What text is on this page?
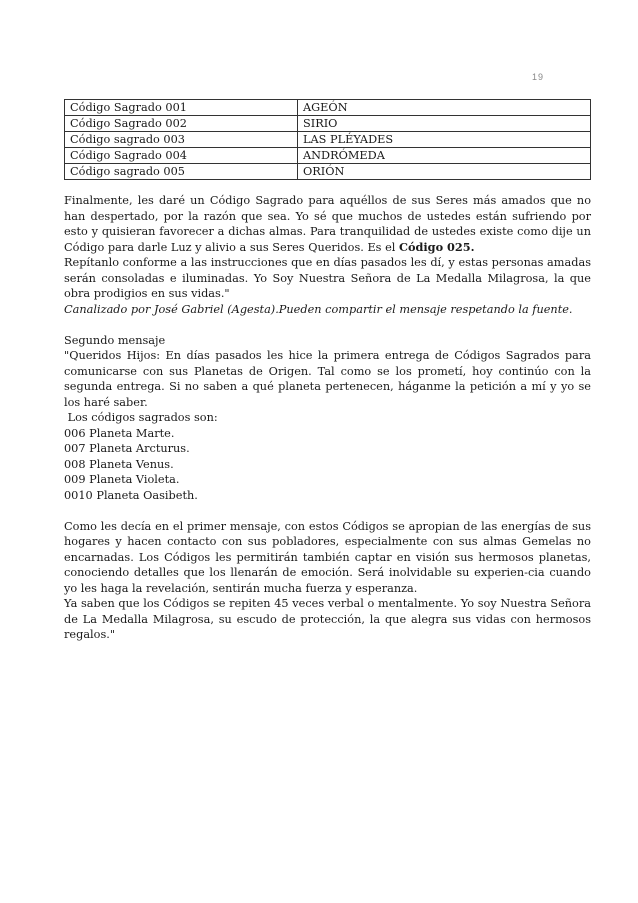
19
Código Sagrado 001	AGEÓN
Código Sagrado 002	SIRIO
Código sagrado 003	LAS PLÉYADES
Código Sagrado 004	ANDRÓMEDA
Código sagrado 005	ORIÓN

Finalmente, les daré un Código Sagrado para aquéllos de sus Seres más amados que no han despertado, por la razón que sea. Yo sé que muchos de ustedes están sufriendo por esto y quisieran favorecer a dichas almas. Para tranquilidad de ustedes existe como dije un Código para darle Luz y alivio a sus Seres Queridos. Es el Código 025.

Repítanlo conforme a las instrucciones que en días pasados les dí, y estas personas amadas serán consoladas e iluminadas. Yo Soy Nuestra Señora de La Medalla Milagrosa, la que obra prodigios en sus vidas."

Canalizado por José Gabriel (Agesta).Pueden compartir el mensaje respetando la fuente.

Segundo mensaje

"Queridos Hijos: En días pasados les hice la primera entrega de Códigos Sagrados para comunicarse con sus Planetas de Origen. Tal como se los prometí, hoy continúo con la segunda entrega. Si no saben a qué planeta pertenecen, háganme la petición a mí y yo se los haré saber.

Los códigos sagrados son:

006 Planeta Marte.

007 Planeta Arcturus.

008 Planeta Venus.

009 Planeta Violeta.

0010 Planeta Oasibeth.

Como les decía en el primer mensaje, con estos Códigos se apropian de las energías de sus hogares y hacen contacto con sus pobladores, especialmente con sus almas Gemelas no encarnadas. Los Códigos les permitirán también captar en visión sus hermosos planetas, conociendo detalles que los llenarán de emoción. Será inolvidable su experien-cia cuando yo les haga la revelación, sentirán mucha fuerza y esperanza.

Ya saben que los Códigos se repiten 45 veces verbal o mentalmente. Yo soy Nuestra Señora de La Medalla Milagrosa, su escudo de protección, la que alegra sus vidas con hermosos regalos."
